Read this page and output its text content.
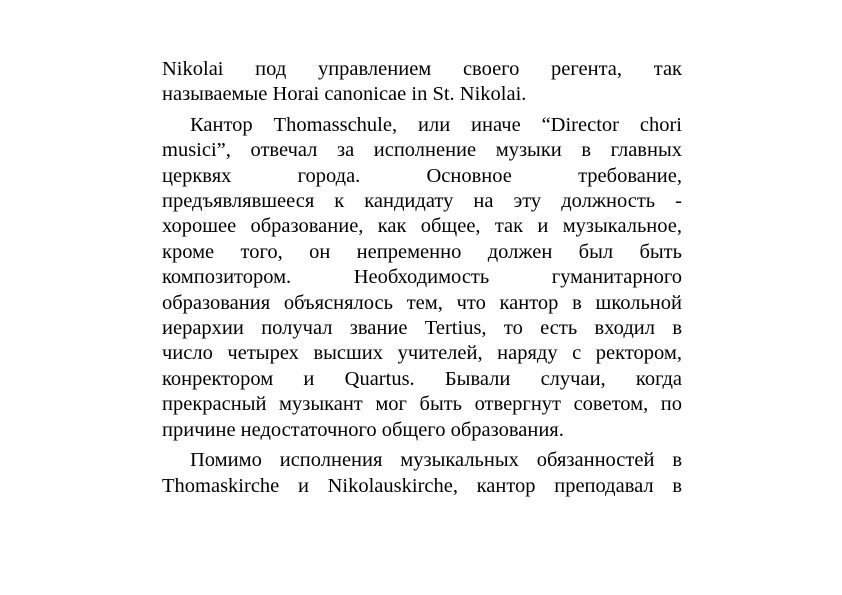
Nikolai под управлением своего регента, так
называемые Horai canonicae in St. Nikolai.

Кантор Thomasschule, или иначе “Director chori
musici”, отвечал за исполнение музыки в главных
церквях города. Основное требование,
предъявлявшееся к кандидату на эту должность -
хорошее образование, как общее, так и музыкальное,
кроме того, он непременно должен был быть
композитором. Необходимость гуманитарного
образования объяснялось тем, что кантор в школьной
иерархии получал звание Tertius, то есть входил в
число четырех высших учителей, наряду с ректором,
конректором и Quartus. Бывали случаи, когда
прекрасный музыкант мог быть отвергнут советом, по
причине недостаточного общего образования.

Помимо исполнения музыкальных обязанностей в
Thomaskirche и Nikolauskirche, кантор преподавал в
